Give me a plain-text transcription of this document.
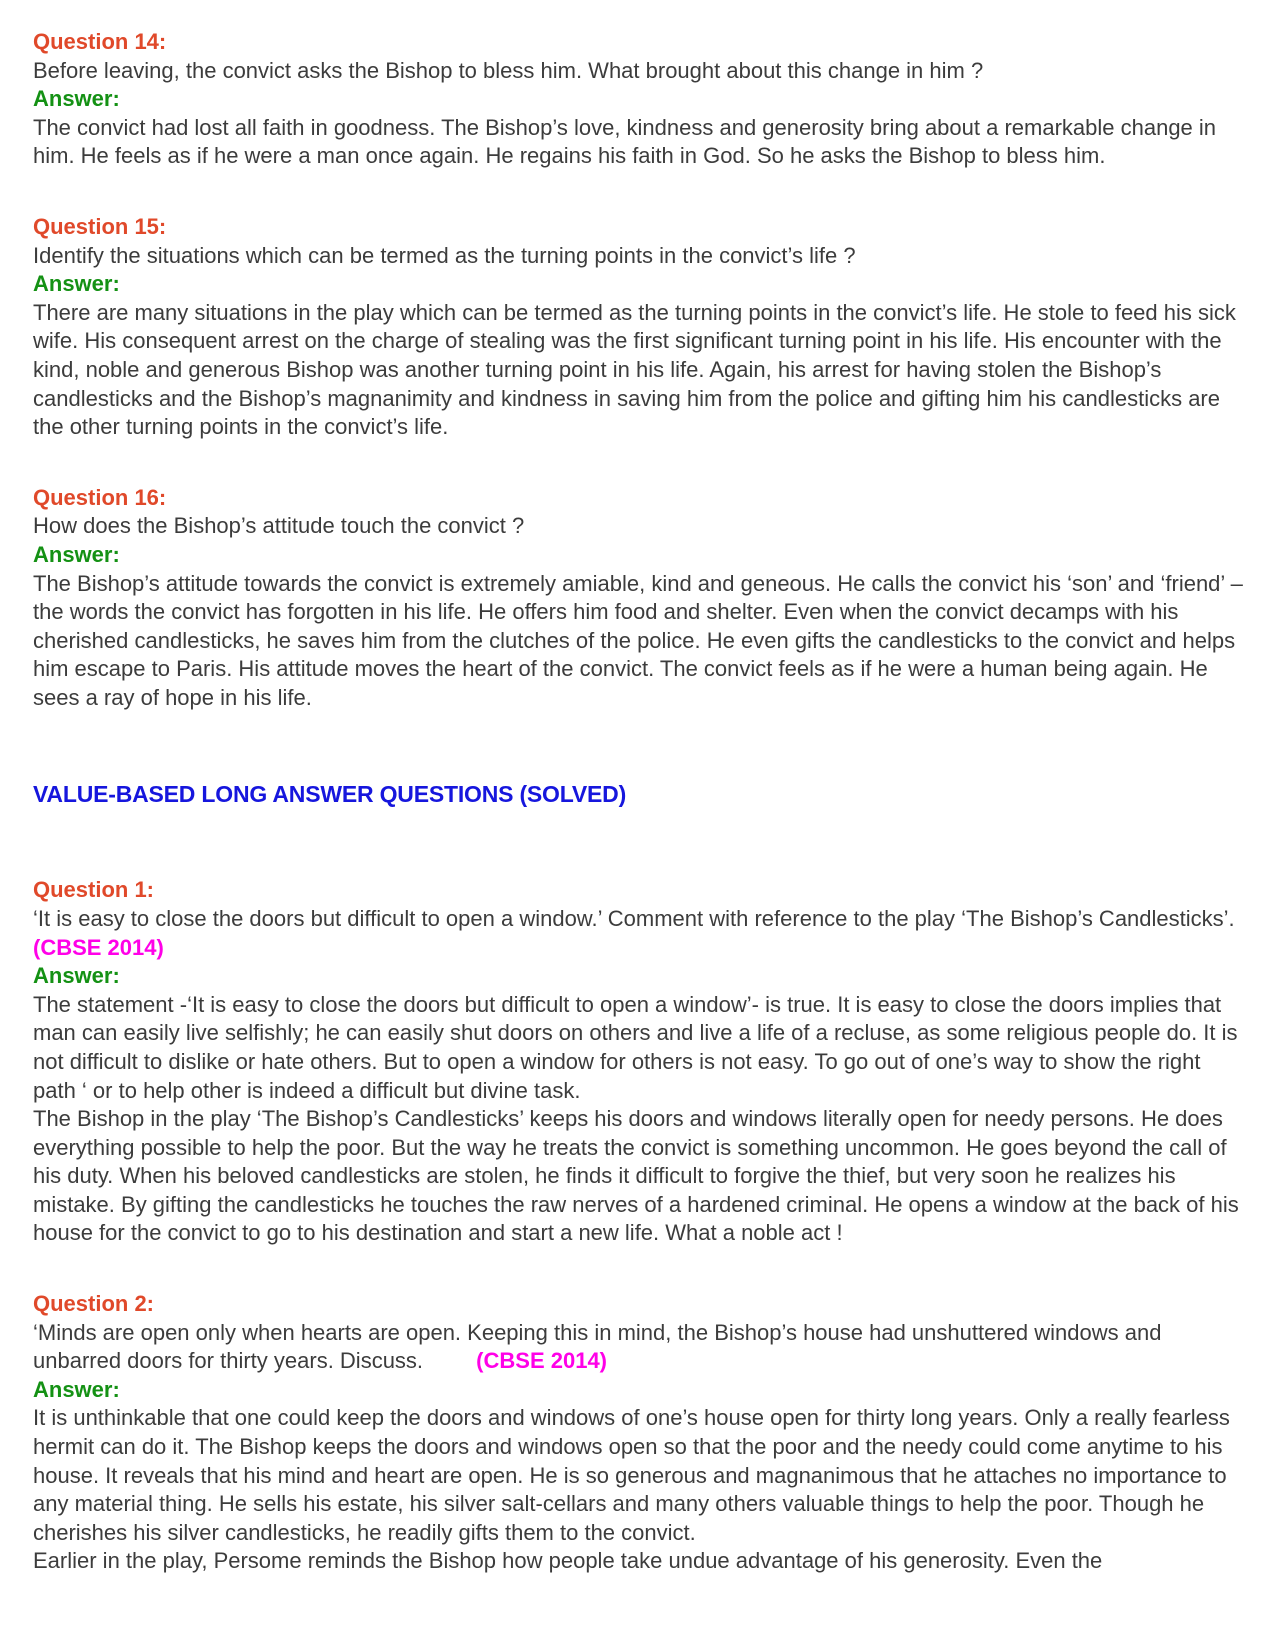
Question 14:

Before leaving, the convict asks the Bishop to bless him. What brought about this change in him ?

Answer:

The convict had lost all faith in goodness. The Bishop’s love, kindness and generosity bring about a remarkable change in him. He feels as if he were a man once again. He regains his faith in God. So he asks the Bishop to bless him.

Question 15:

Identify the situations which can be termed as the turning points in the convict’s life ?

Answer:

There are many situations in the play which can be termed as the turning points in the convict’s life. He stole to feed his sick wife. His consequent arrest on the charge of stealing was the first significant turning point in his life. His encounter with the kind, noble and generous Bishop was another turning point in his life. Again, his arrest for having stolen the Bishop’s candlesticks and the Bishop’s magnanimity and kindness in saving him from the police and gifting him his candlesticks are the other turning points in the convict’s life.

Question 16:

How does the Bishop’s attitude touch the convict ?

Answer:

The Bishop’s attitude towards the convict is extremely amiable, kind and geneous. He calls the convict his ‘son’ and ‘friend’ – the words the convict has forgotten in his life. He offers him food and shelter. Even when the convict decamps with his cherished candlesticks, he saves him from the clutches of the police. He even gifts the candlesticks to the convict and helps him escape to Paris. His attitude moves the heart of the convict. The convict feels as if he were a human being again. He sees a ray of hope in his life.

VALUE-BASED LONG ANSWER QUESTIONS (SOLVED)
Question 1:

‘It is easy to close the doors but difficult to open a window.’ Comment with reference to the play ‘The Bishop’s Candlesticks’. (CBSE 2014)

Answer:

The statement -‘It is easy to close the doors but difficult to open a window’- is true. It is easy to close the doors implies that man can easily live selfishly; he can easily shut doors on others and live a life of a recluse, as some religious people do. It is not difficult to dislike or hate others. But to open a window for others is not easy. To go out of one’s way to show the right path ‘ or to help other is indeed a difficult but divine task.

The Bishop in the play ‘The Bishop’s Candlesticks’ keeps his doors and windows literally open for needy persons. He does everything possible to help the poor. But the way he treats the convict is something uncommon. He goes beyond the call of his duty. When his beloved candlesticks are stolen, he finds it difficult to forgive the thief, but very soon he realizes his mistake. By gifting the candlesticks he touches the raw nerves of a hardened criminal. He opens a window at the back of his house for the convict to go to his destination and start a new life. What a noble act !

Question 2:

‘Minds are open only when hearts are open. Keeping this in mind, the Bishop’s house had unshuttered windows and unbarred doors for thirty years. Discuss. (CBSE 2014)

Answer:

It is unthinkable that one could keep the doors and windows of one’s house open for thirty long years. Only a really fearless hermit can do it. The Bishop keeps the doors and windows open so that the poor and the needy could come anytime to his house. It reveals that his mind and heart are open. He is so generous and magnanimous that he attaches no importance to any material thing. He sells his estate, his silver salt-cellars and many others valuable things to help the poor. Though he cherishes his silver candlesticks, he readily gifts them to the convict.

Earlier in the play, Persome reminds the Bishop how people take undue advantage of his generosity. Even the
